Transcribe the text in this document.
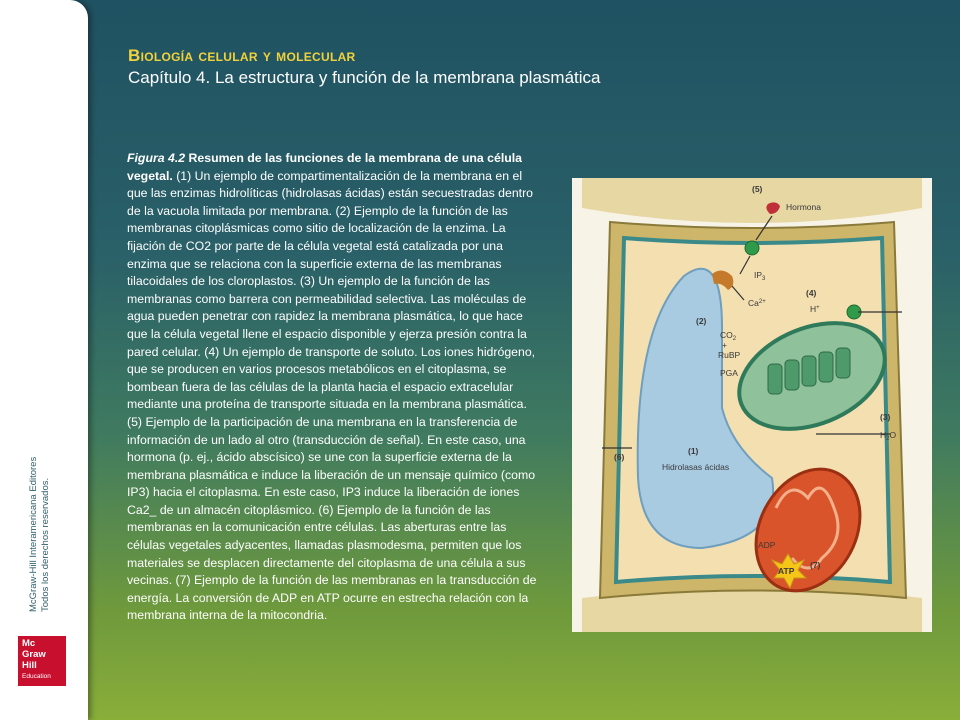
McGraw-Hill Interamericana Editores Todos los derechos reservados.
Mc
Graw
Hill
Education
Biología celular y molecular
Capítulo 4. La estructura y función de la membrana plasmática
Figura 4.2 Resumen de las funciones de la membrana de una célula vegetal. (1) Un ejemplo de compartimentalización de la membrana en el que las enzimas hidrolíticas (hidrolasas ácidas) están secuestradas dentro de la vacuola limitada por membrana. (2) Ejemplo de la función de las membranas citoplásmicas como sitio de localización de la enzima. La fijación de CO2 por parte de la célula vegetal está catalizada por una enzima que se relaciona con la superficie externa de las membranas tilacoidales de los cloroplastos. (3) Un ejemplo de la función de las membranas como barrera con permeabilidad selectiva. Las moléculas de agua pueden penetrar con rapidez la membrana plasmática, lo que hace que la célula vegetal llene el espacio disponible y ejerza presión contra la pared celular. (4) Un ejemplo de transporte de soluto. Los iones hidrógeno, que se producen en varios procesos metabólicos en el citoplasma, se bombean fuera de las células de la planta hacia el espacio extracelular mediante una proteína de transporte situada en la membrana plasmática. (5) Ejemplo de la participación de una membrana en la transferencia de información de un lado al otro (transducción de señal). En este caso, una hormona (p. ej., ácido abscísico) se une con la superficie externa de la membrana plasmática e induce la liberación de un mensaje químico (como IP3) hacia el citoplasma. En este caso, IP3 induce la liberación de iones Ca2_ de un almacén citoplásmico. (6) Ejemplo de la función de las membranas en la comunicación entre células. Las aberturas entre las células vegetales adyacentes, llamadas plasmodesma, permiten que los materiales se desplacen directamente del citoplasma de una célula a sus vecinas. (7) Ejemplo de la función de las membranas en la transducción de energía. La conversión de ADP en ATP ocurre en estrecha relación con la membrana interna de la mitocondria.
(5)
Hormona
$IP_3$
$Ca^{2+}$
(4)
H+
(2)
$CO_2$
+
RuBP
PGA
(3)
$H_2O$
(1)
Hidrolasas ácidas
(6)
ADP
ATP
(7)
